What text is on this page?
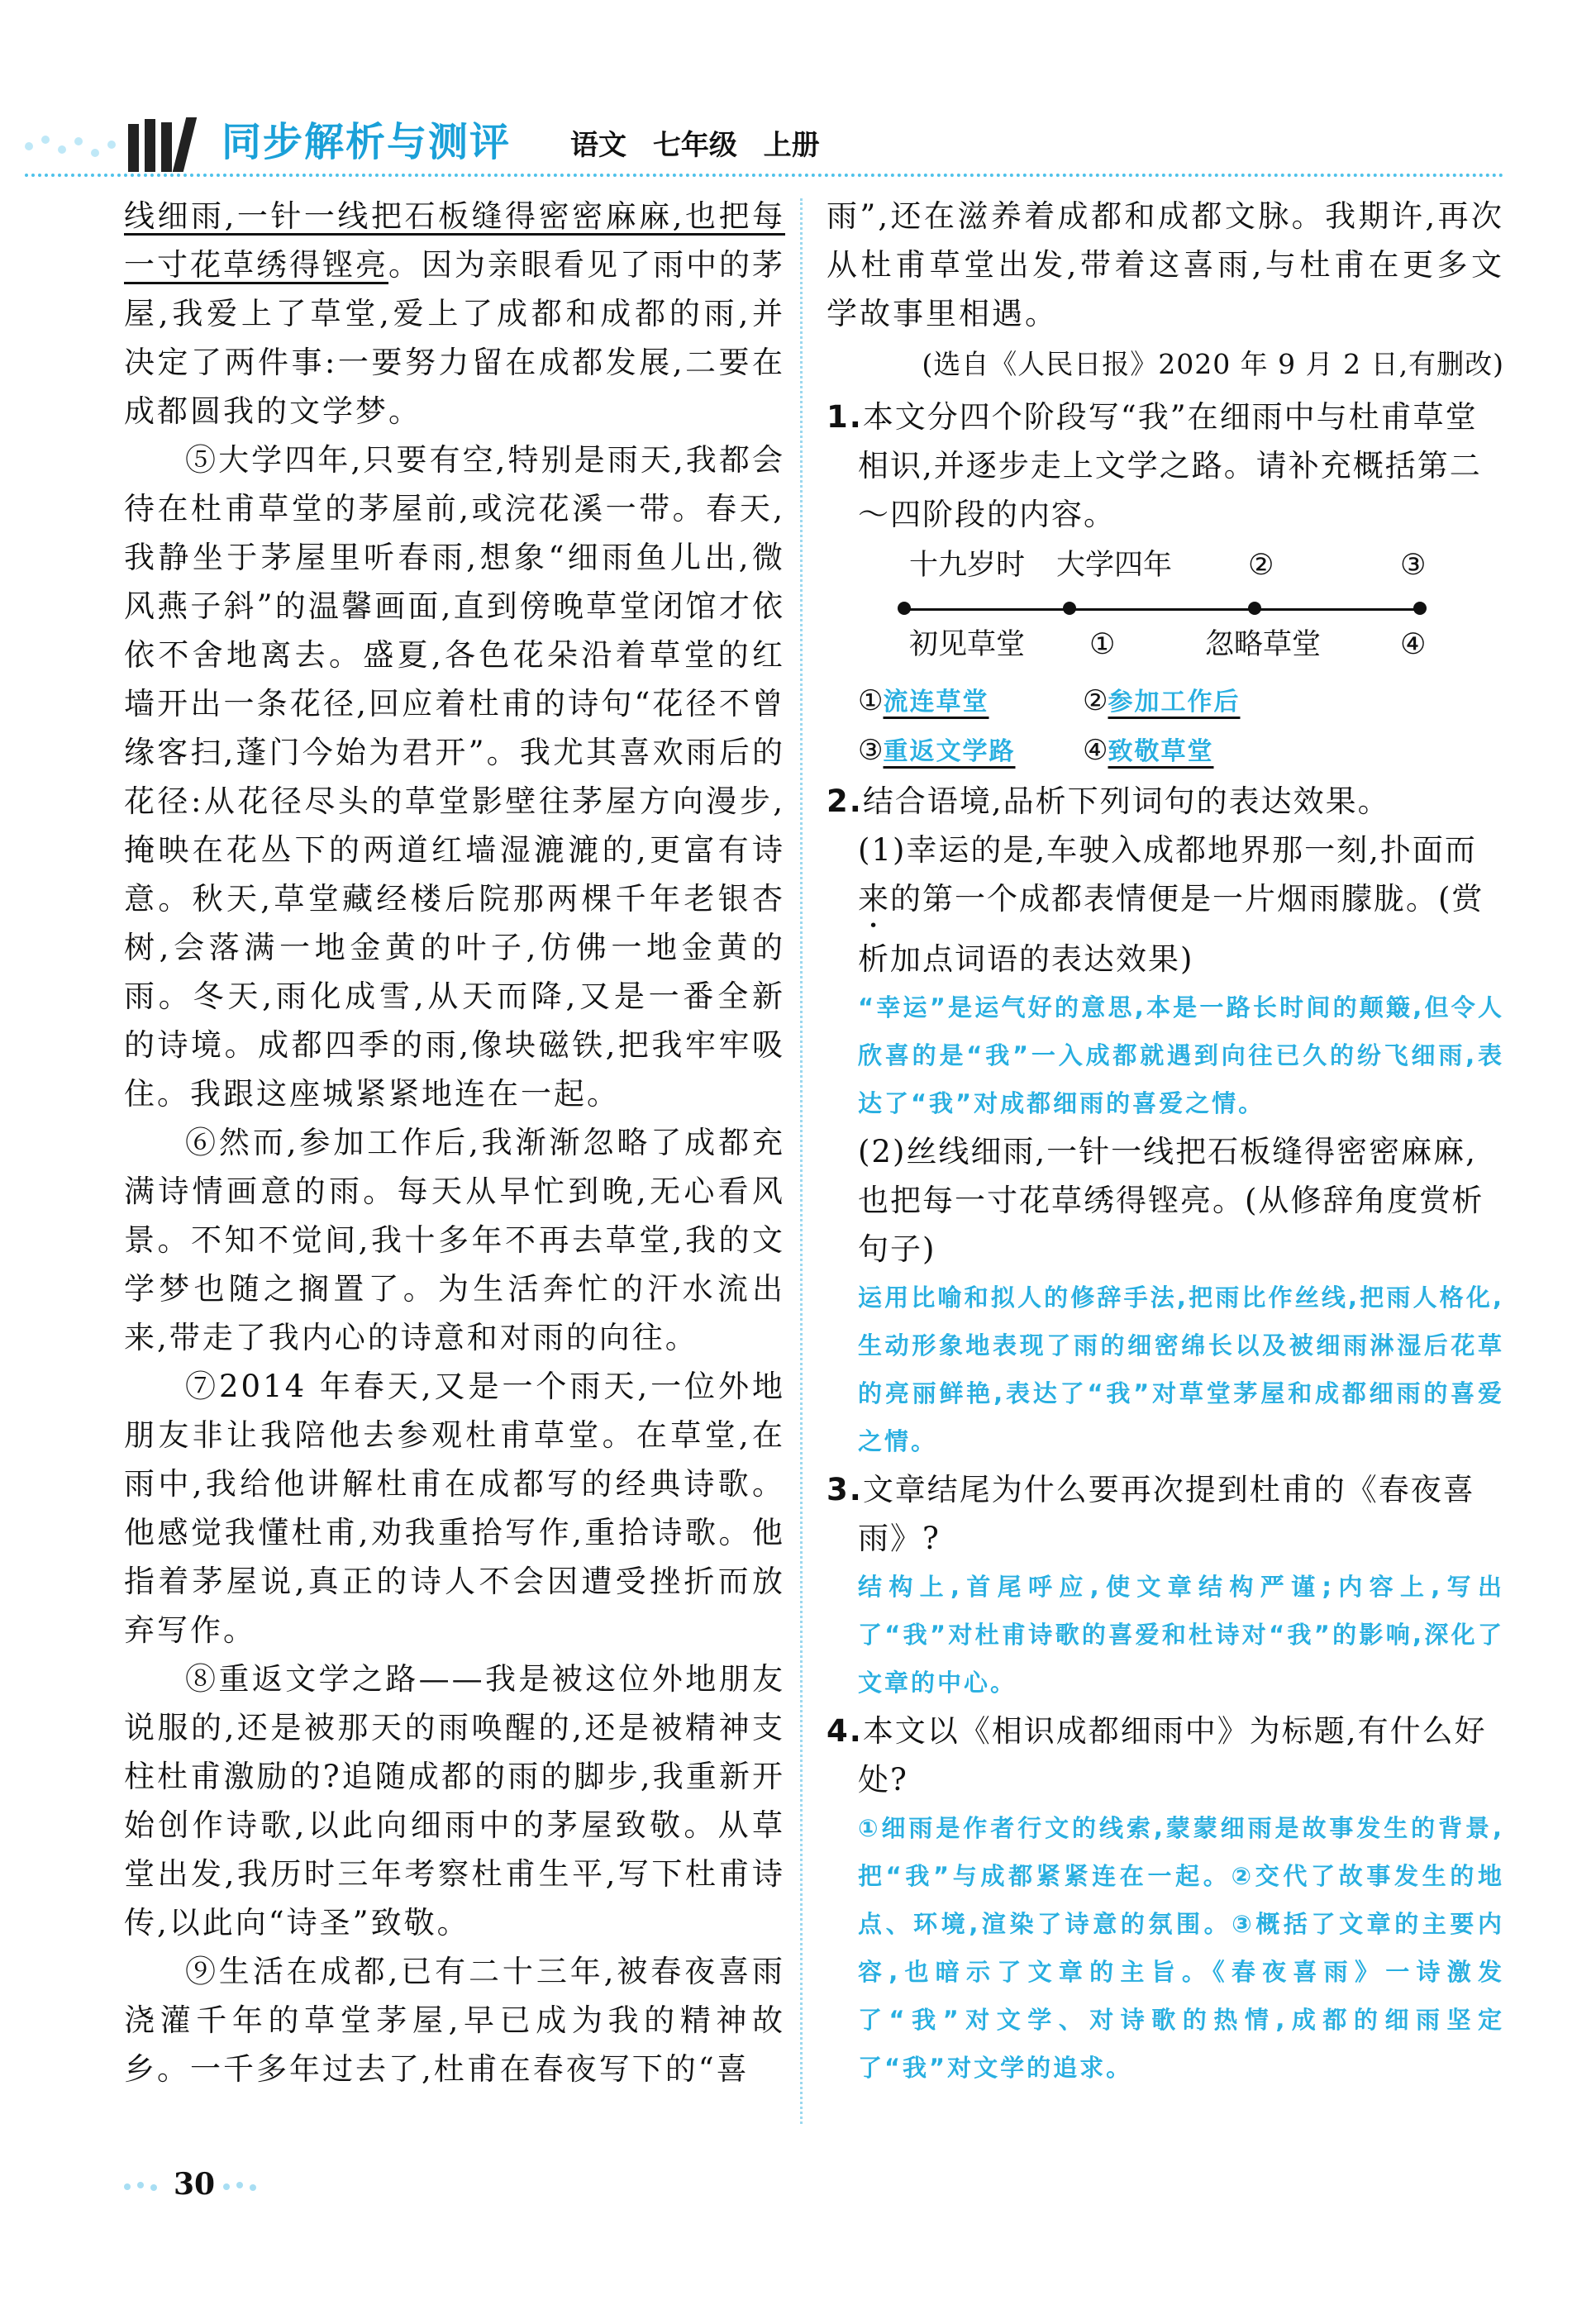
同步解析与测评 语文 七年级 上册

线细雨,一针一线把石板缝得密密麻麻,也把每一寸花草绣得铿亮。因为亲眼看见了雨中的茅屋,我爱上了草堂,爱上了成都和成都的雨,并决定了两件事:一要努力留在成都发展,二要在成都圆我的文学梦。

⑤大学四年,只要有空,特别是雨天,我都会待在杜甫草堂的茅屋前,或浣花溪一带。春天,我静坐于茅屋里听春雨,想象“细雨鱼儿出,微风燕子斜”的温馨画面,直到傍晚草堂闭馆才依依不舍地离去。盛夏,各色花朵沿着草堂的红墙开出一条花径,回应着杜甫的诗句“花径不曾缘客扫,蓬门今始为君开”。我尤其喜欢雨后的花径:从花径尽头的草堂影壁往茅屋方向漫步,掩映在花丛下的两道红墙湿漉漉的,更富有诗意。秋天,草堂藏经楼后院那两棵千年老银杏树,会落满一地金黄的叶子,仿佛一地金黄的雨。冬天,雨化成雪,从天而降,又是一番全新的诗境。成都四季的雨,像块磁铁,把我牢牢吸住。我跟这座城紧紧地连在一起。

⑥然而,参加工作后,我渐渐忽略了成都充满诗情画意的雨。每天从早忙到晚,无心看风景。不知不觉间,我十多年不再去草堂,我的文学梦也随之搁置了。为生活奔忙的汗水流出来,带走了我内心的诗意和对雨的向往。

⑦2014 年春天,又是一个雨天,一位外地朋友非让我陪他去参观杜甫草堂。在草堂,在雨中,我给他讲解杜甫在成都写的经典诗歌。他感觉我懂杜甫,劝我重拾写作,重拾诗歌。他指着茅屋说,真正的诗人不会因遭受挫折而放弃写作。

⑧重返文学之路——我是被这位外地朋友说服的,还是被那天的雨唤醒的,还是被精神支柱杜甫激励的?追随成都的雨的脚步,我重新开始创作诗歌,以此向细雨中的茅屋致敬。从草堂出发,我历时三年考察杜甫生平,写下杜甫诗传,以此向“诗圣”致敬。

⑨生活在成都,已有二十三年,被春夜喜雨浇灌千年的草堂茅屋,早已成为我的精神故乡。一千多年过去了,杜甫在春夜写下的“喜

雨”,还在滋养着成都和成都文脉。我期许,再次从杜甫草堂出发,带着这喜雨,与杜甫在更多文学故事里相遇。

(选自《人民日报》2020 年 9 月 2 日,有删改)

1.本文分四个阶段写“我”在细雨中与杜甫草堂相识,并逐步走上文学之路。请补充概括第二～四阶段的内容。

十九岁时 大学四年	②	③
初见草堂 ①	忽略草堂	④
①流连草堂	②参加工作后
③重返文学路 ④致敬草堂

2.结合语境,品析下列词句的表达效果。

(1)幸运的是,车驶入成都地界那一刻,扑面而来的第一个成都表情便是一片烟雨朦胧。(赏析加点词语的表达效果)

“幸运”是运气好的意思,本是一路长时间的颠簸,但令人欣喜的是“我”一入成都就遇到向往已久的纷飞细雨,表达了“我”对成都细雨的喜爱之情。

(2)丝线细雨,一针一线把石板缝得密密麻麻,也把每一寸花草绣得铿亮。(从修辞角度赏析句子)

运用比喻和拟人的修辞手法,把雨比作丝线,把雨人格化,生动形象地表现了雨的细密绵长以及被细雨淋湿后花草的亮丽鲜艳,表达了“我”对草堂茅屋和成都细雨的喜爱之情。

3.文章结尾为什么要再次提到杜甫的《春夜喜雨》?

结构上,首尾呼应,使文章结构严谨;内容上,写出了“我”对杜甫诗歌的喜爱和杜诗对“我”的影响,深化了文章的中心。

4.本文以《相识成都细雨中》为标题,有什么好处?

①细雨是作者行文的线索,蒙蒙细雨是故事发生的背景,把“我”与成都紧紧连在一起。②交代了故事发生的地点、环境,渲染了诗意的氛围。③概括了文章的主要内容,也暗示了文章的主旨。《春夜喜雨》一诗激发了“我”对文学、对诗歌的热情,成都的细雨坚定了“我”对文学的追求。

30
